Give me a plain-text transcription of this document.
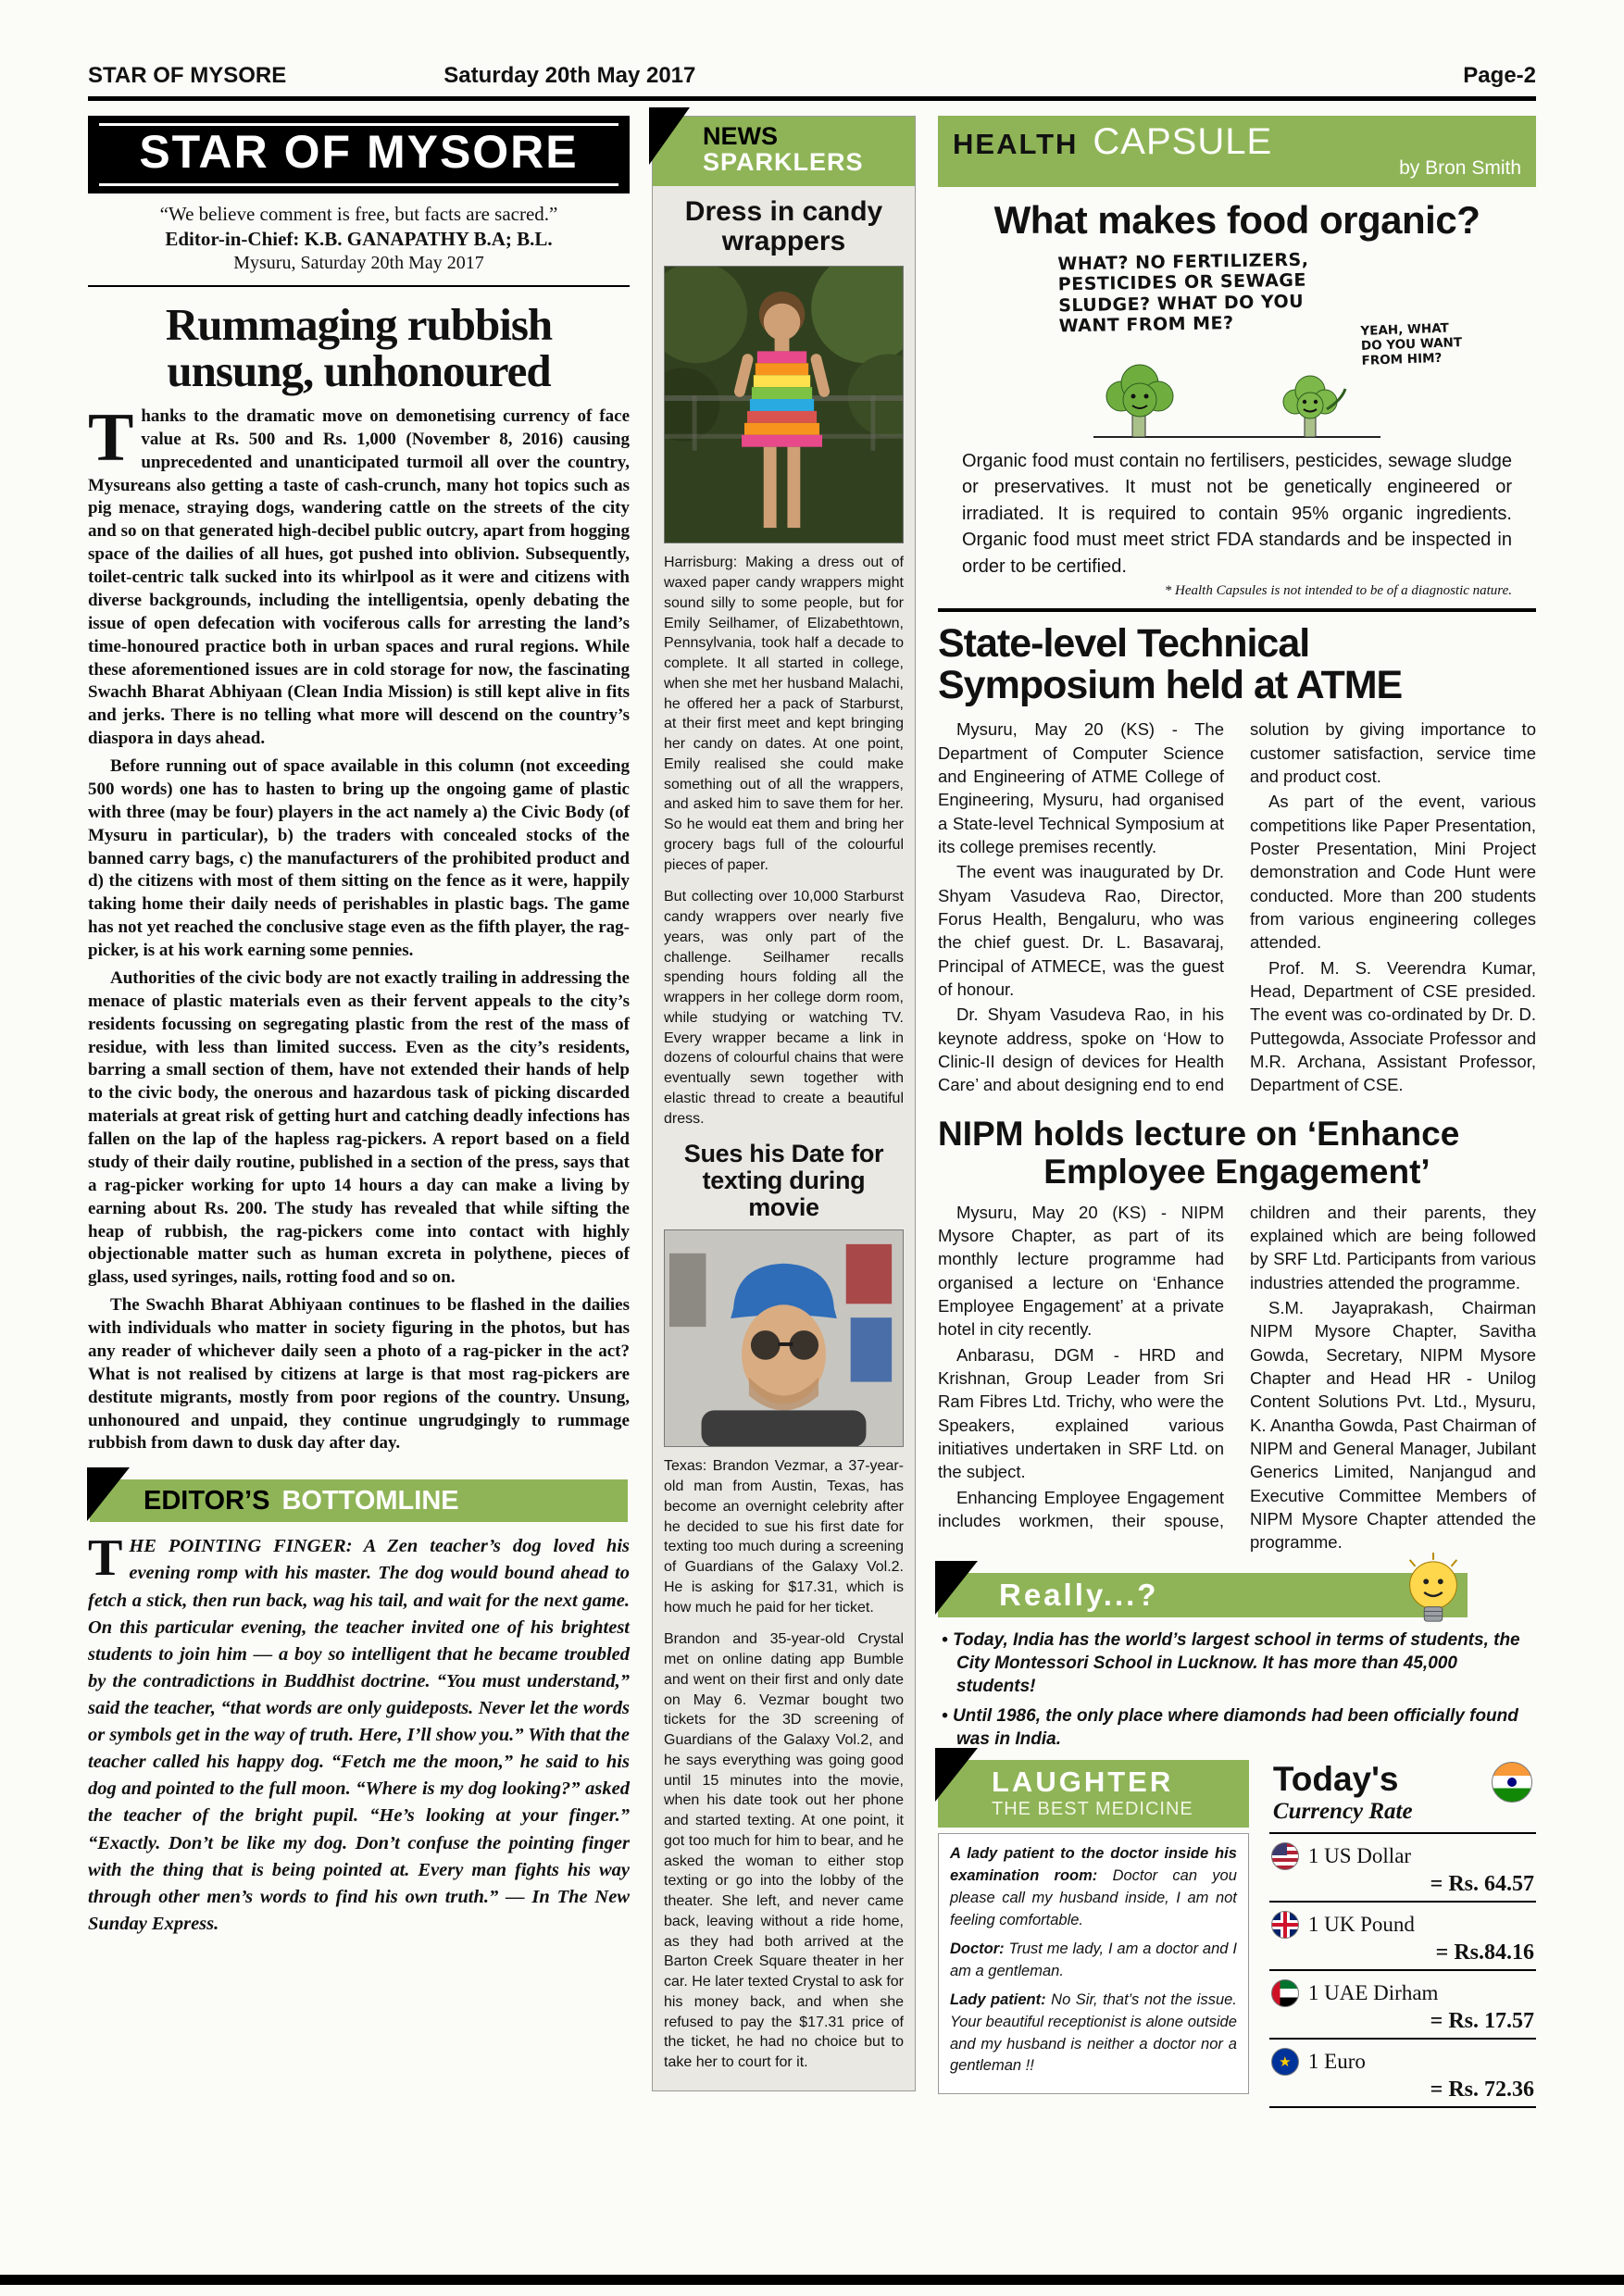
STAR OF MYSORE	Saturday 20th May 2017	Page-2
STAR OF MYSORE
“We believe comment is free, but facts are sacred.”
Editor-in-Chief: K.B. GANAPATHY B.A; B.L.
Mysuru, Saturday 20th May 2017
Rummaging rubbish
unsung, unhonoured

Thanks to the dramatic move on demonetising currency of face value at Rs. 500 and Rs. 1,000 (November 8, 2016) causing unprecedented and unanticipated turmoil all over the country, Mysureans also getting a taste of cash-crunch, many hot topics such as pig menace, straying dogs, wandering cattle on the streets of the city and so on that generated high-decibel public outcry, apart from hogging space of the dailies of all hues, got pushed into oblivion. Subsequently, toilet-centric talk sucked into its whirlpool as it were and citizens with diverse backgrounds, including the intelligentsia, openly debating the issue of open defecation with vociferous calls for arresting the land’s time-honoured practice both in urban spaces and rural regions. While these aforementioned issues are in cold storage for now, the fascinating Swachh Bharat Abhiyaan (Clean India Mission) is still kept alive in fits and jerks. There is no telling what more will descend on the country’s diaspora in days ahead.

Before running out of space available in this column (not exceeding 500 words) one has to hasten to bring up the ongoing game of plastic with three (may be four) players in the act namely a) the Civic Body (of Mysuru in particular), b) the traders with concealed stocks of the banned carry bags, c) the manufacturers of the prohibited product and d) the citizens with most of them sitting on the fence as it were, happily taking home their daily needs of perishables in plastic bags. The game has not yet reached the conclusive stage even as the fifth player, the rag-picker, is at his work earning some pennies.

Authorities of the civic body are not exactly trailing in addressing the menace of plastic materials even as their fervent appeals to the city’s residents focussing on segregating plastic from the rest of the mass of residue, with less than limited success. Even as the city’s residents, barring a small section of them, have not extended their hands of help to the civic body, the onerous and hazardous task of picking discarded materials at great risk of getting hurt and catching deadly infections has fallen on the lap of the hapless rag-pickers. A report based on a field study of their daily routine, published in a section of the press, says that a rag-picker working for upto 14 hours a day can make a living by earning about Rs. 200. The study has revealed that while sifting the heap of rubbish, the rag-pickers come into contact with highly objectionable matter such as human excreta in polythene, pieces of glass, used syringes, nails, rotting food and so on.

The Swachh Bharat Abhiyaan continues to be flashed in the dailies with individuals who matter in society figuring in the photos, but has any reader of whichever daily seen a photo of a rag-picker in the act? What is not realised by citizens at large is that most rag-pickers are destitute migrants, mostly from poor regions of the country. Unsung, unhonoured and unpaid, they continue ungrudgingly to rummage rubbish from dawn to dusk day after day.

EDITOR’S BOTTOMLINE

THE POINTING FINGER: A Zen teacher’s dog loved his evening romp with his master. The dog would bound ahead to fetch a stick, then run back, wag his tail, and wait for the next game. On this particular evening, the teacher invited one of his brightest students to join him — a boy so intelligent that he became troubled by the contradictions in Buddhist doctrine. “You must understand,” said the teacher, “that words are only guideposts. Never let the words or symbols get in the way of truth. Here, I’ll show you.” With that the teacher called his happy dog. “Fetch me the moon,” he said to his dog and pointed to the full moon. “Where is my dog looking?” asked the teacher of the bright pupil. “He’s looking at your finger.” “Exactly. Don’t be like my dog. Don’t confuse the pointing finger with the thing that is being pointed at. Every man fights his way through other men’s words to find his own truth.” — In The New Sunday Express.

NEWS
SPARKLERS
Dress in candy wrappers

Harrisburg: Making a dress out of waxed paper candy wrappers might sound silly to some people, but for Emily Seilhamer, of Elizabethtown, Pennsylvania, took half a decade to complete. It all started in college, when she met her husband Malachi, he offered her a pack of Starburst, at their first meet and kept bringing her candy on dates. At one point, Emily realised she could make something out of all the wrappers, and asked him to save them for her. So he would eat them and bring her grocery bags full of the colourful pieces of paper.

But collecting over 10,000 Starburst candy wrappers over nearly five years, was only part of the challenge. Seilhamer recalls spending hours folding all the wrappers in her college dorm room, while studying or watching TV. Every wrapper became a link in dozens of colourful chains that were eventually sewn together with elastic thread to create a beautiful dress.

Sues his Date for
texting during movie

Texas: Brandon Vezmar, a 37-year-old man from Austin, Texas, has become an overnight celebrity after he decided to sue his first date for texting too much during a screening of Guardians of the Galaxy Vol.2. He is asking for $17.31, which is how much he paid for her ticket.

Brandon and 35-year-old Crystal met on online dating app Bumble and went on their first and only date on May 6. Vezmar bought two tickets for the 3D screening of Guardians of the Galaxy Vol.2, and he says everything was going good until 15 minutes into the movie, when his date took out her phone and started texting. At one point, it got too much for him to bear, and he asked the woman to either stop texting or go into the lobby of the theater. She left, and never came back, leaving without a ride home, as they had both arrived at the Barton Creek Square theater in her car. He later texted Crystal to ask for his money back, and when she refused to pay the $17.31 price of the ticket, he had no choice but to take her to court for it.

HEALTH CAPSULE
by Bron Smith
What makes food organic?
WHAT? NO FERTILIZERS,
PESTICIDES OR SEWAGE
SLUDGE? WHAT DO YOU
WANT FROM ME?	YEAH, WHAT
DO YOU WANT
FROM HIM?

Organic food must contain no fertilisers, pesticides, sewage sludge or preservatives. It must not be genetically engineered or irradiated. It is required to contain 95% organic ingredients. Organic food must meet strict FDA standards and be inspected in order to be certified.

* Health Capsules is not intended to be of a diagnostic nature.

State-level Technical
Symposium held at ATME

Mysuru, May 20 (KS) - The Department of Computer Science and Engineering of ATME College of Engineering, Mysuru, had organised a State-level Technical Symposium at its college premises recently.

The event was inaugurated by Dr. Shyam Vasudeva Rao, Director, Forus Health, Bengaluru, who was the chief guest. Dr. L. Basavaraj, Principal of ATMECE, was the guest of honour.

Dr. Shyam Vasudeva Rao, in his keynote address, spoke on ‘How to Clinic-II design of devices for Health Care’ and about designing end to end solution by giving importance to customer satisfaction, service time and product cost.

As part of the event, various competitions like Paper Presentation, Poster Presentation, Mini Project demonstration and Code Hunt were conducted. More than 200 students from various engineering colleges attended.

Prof. M. S. Veerendra Kumar, Head, Department of CSE presided. The event was co-ordinated by Dr. D. Puttegowda, Associate Professor and M.R. Archana, Assistant Professor, Department of CSE.

NIPM holds lecture on ‘Enhance
Employee Engagement’

Mysuru, May 20 (KS) - NIPM Mysore Chapter, as part of its monthly lecture programme had organised a lecture on ‘Enhance Employee Engagement’ at a private hotel in city recently.

Anbarasu, DGM - HRD and Krishnan, Group Leader from Sri Ram Fibres Ltd. Trichy, who were the Speakers, explained various initiatives undertaken in SRF Ltd. on the subject.

Enhancing Employee Engagement includes workmen, their spouse, children and their parents, they explained which are being followed by SRF Ltd. Participants from various industries attended the programme.

S.M. Jayaprakash, Chairman NIPM Mysore Chapter, Savitha Gowda, Secretary, NIPM Mysore Chapter and Head HR - Unilog Content Solutions Pvt. Ltd., Mysuru, K. Anantha Gowda, Past Chairman of NIPM and General Manager, Jubilant Generics Limited, Nanjangud and Executive Committee Members of NIPM Mysore Chapter attended the programme.

Really...?
• Today, India has the world’s largest school in terms of students, the City Montessori School in Lucknow. It has more than 45,000 students!
• Until 1986, the only place where diamonds had been officially found was in India.
LAUGHTER
THE BEST MEDICINE

A lady patient to the doctor inside his examination room: Doctor can you please call my husband inside, I am not feeling comfortable.

Doctor: Trust me lady, I am a doctor and I am a gentleman.

Lady patient: No Sir, that’s not the issue. Your beautiful receptionist is alone outside and my husband is neither a doctor nor a gentleman !!

Today's
Currency Rate
1 US Dollar
= Rs. 64.57
1 UK Pound
= Rs.84.16
1 UAE Dirham
= Rs. 17.57
★
1 Euro
= Rs. 72.36
